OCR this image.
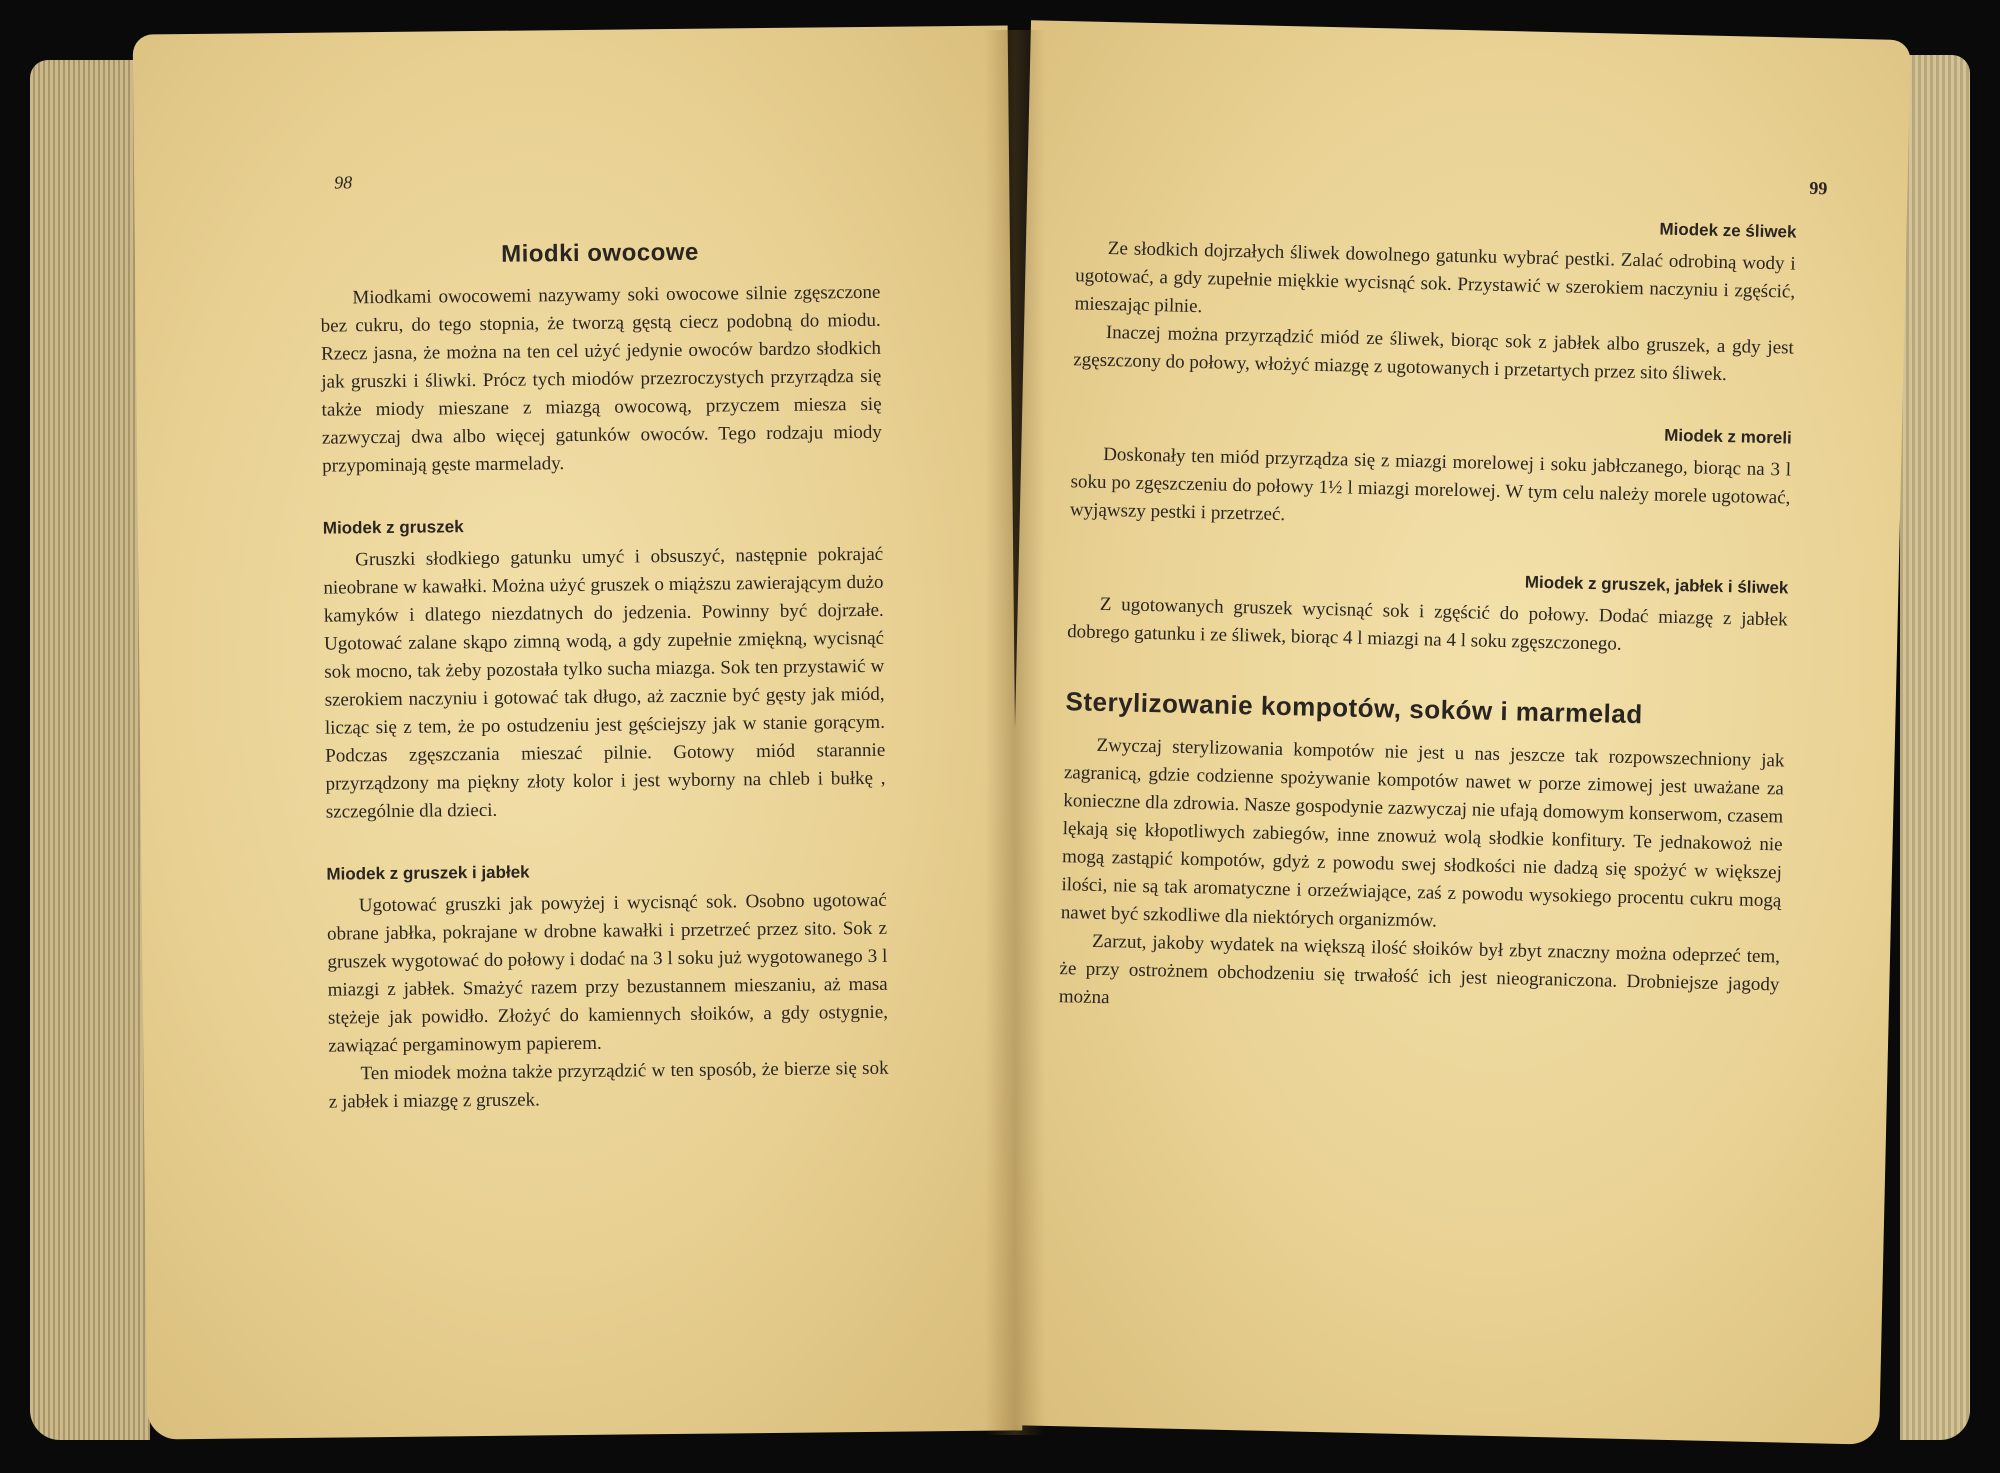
98
Miodki owocowe

Miodkami owocowemi nazywamy soki owocowe silnie zgęszczone bez cukru, do tego stopnia, że tworzą gęstą ciecz podobną do miodu. Rzecz jasna, że można na ten cel użyć jedynie owoców bardzo słodkich jak gruszki i śliwki. Prócz tych miodów przezroczystych przyrządza się także miody mieszane z miazgą owocową, przyczem miesza się zazwyczaj dwa albo więcej gatunków owoców. Tego rodzaju miody przypominają gęste marmelady.

Miodek z gruszek

Gruszki słodkiego gatunku umyć i obsuszyć, następnie pokrajać nieobrane w kawałki. Można użyć gruszek o miąższu zawierającym dużo kamyków i dlatego niezdatnych do jedzenia. Powinny być dojrzałe. Ugotować zalane skąpo zimną wodą, a gdy zupełnie zmiękną, wycisnąć sok mocno, tak żeby pozostała tylko sucha miazga. Sok ten przystawić w szerokiem naczyniu i gotować tak długo, aż zacznie być gęsty jak miód, licząc się z tem, że po ostudzeniu jest gęściejszy jak w stanie gorącym. Podczas zgęszczania mieszać pilnie. Gotowy miód starannie przyrządzony ma piękny złoty kolor i jest wyborny na chleb i bułkę , szczególnie dla dzieci.

Miodek z gruszek i jabłek

Ugotować gruszki jak powyżej i wycisnąć sok. Osobno ugotować obrane jabłka, pokrajane w drobne kawałki i przetrzeć przez sito. Sok z gruszek wygotować do połowy i dodać na 3 l soku już wygotowanego 3 l miazgi z jabłek. Smażyć razem przy bezustannem mieszaniu, aż masa stężeje jak powidło. Złożyć do kamiennych słoików, a gdy ostygnie, zawiązać pergaminowym papierem.

Ten miodek można także przyrządzić w ten sposób, że bierze się sok z jabłek i miazgę z gruszek.

99
Miodek ze śliwek

Ze słodkich dojrzałych śliwek dowolnego gatunku wybrać pestki. Zalać odrobiną wody i ugotować, a gdy zupełnie miękkie wycisnąć sok. Przystawić w szerokiem naczyniu i zgęścić, mieszając pilnie.

Inaczej można przyrządzić miód ze śliwek, biorąc sok z jabłek albo gruszek, a gdy jest zgęszczony do połowy, włożyć miazgę z ugotowanych i przetartych przez sito śliwek.

Miodek z moreli

Doskonały ten miód przyrządza się z miazgi morelowej i soku jabłczanego, biorąc na 3 l soku po zgęszczeniu do połowy 1½ l miazgi morelowej. W tym celu należy morele ugotować, wyjąwszy pestki i przetrzeć.

Miodek z gruszek, jabłek i śliwek

Z ugotowanych gruszek wycisnąć sok i zgęścić do połowy. Dodać miazgę z jabłek dobrego gatunku i ze śliwek, biorąc 4 l miazgi na 4 l soku zgęszczonego.

Sterylizowanie kompotów, soków i marmelad

Zwyczaj sterylizowania kompotów nie jest u nas jeszcze tak rozpowszechniony jak zagranicą, gdzie codzienne spożywanie kompotów nawet w porze zimowej jest uważane za konieczne dla zdrowia. Nasze gospodynie zazwyczaj nie ufają domowym konserwom, czasem lękają się kłopotliwych zabiegów, inne znowuż wolą słodkie konfitury. Te jednakowoż nie mogą zastąpić kompotów, gdyż z powodu swej słodkości nie dadzą się spożyć w większej ilości, nie są tak aromatyczne i orzeźwiające, zaś z powodu wysokiego procentu cukru mogą nawet być szkodliwe dla niektórych organizmów.

Zarzut, jakoby wydatek na większą ilość słoików był zbyt znaczny można odeprzeć tem, że przy ostrożnem obchodzeniu się trwałość ich jest nieograniczona. Drobniejsze jagody można
